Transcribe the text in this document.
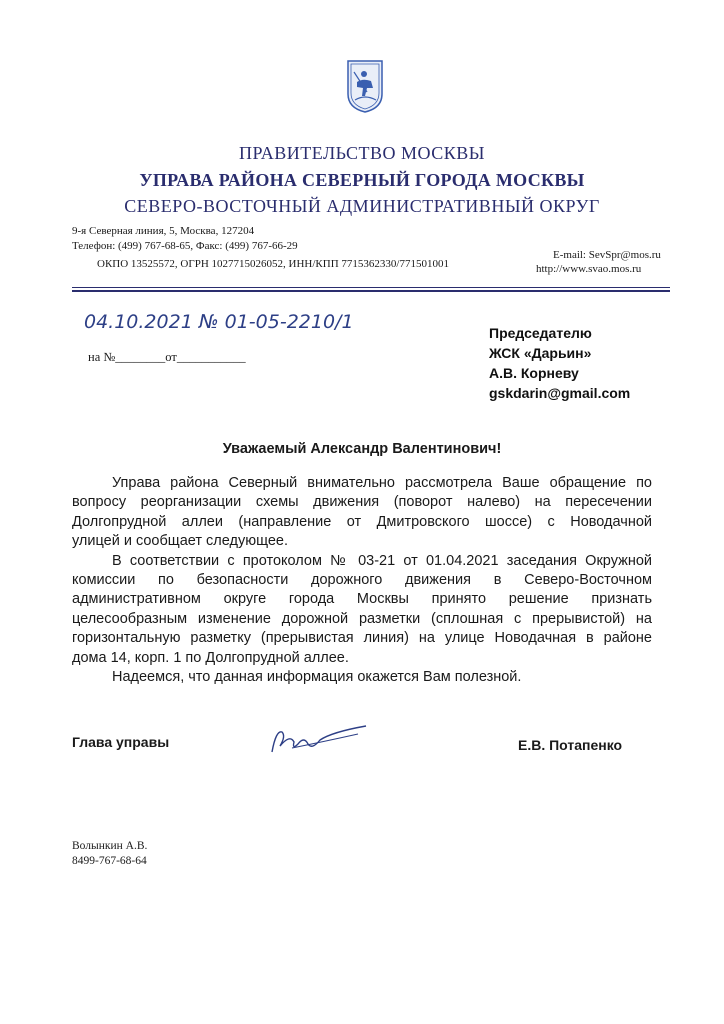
ПРАВИТЕЛЬСТВО МОСКВЫ
УПРАВА РАЙОНА СЕВЕРНЫЙ ГОРОДА МОСКВЫ
СЕВЕРО-ВОСТОЧНЫЙ АДМИНИСТРАТИВНЫЙ ОКРУГ
9-я Северная линия, 5, Москва, 127204
Телефон: (499) 767-68-65, Факс: (499) 767-66-29
ОКПО 13525572, ОГРН 1027715026052, ИНН/КПП 7715362330/771501001
E-mail: SevSpr@mos.ru
http://www.svao.mos.ru
04.10.2021 № 01-05-2210/1
на №________от___________
Председателю
ЖСК «Дарьин»
А.В. Корневу
gskdarin@gmail.com
Уважаемый Александр Валентинович!
Управа района Северный внимательно рассмотрела Ваше обращение по
вопросу реорганизации схемы движения (поворот налево) на пересечении
Долгопрудной аллеи (направление от Дмитровского шоссе) с Новодачной
улицей и сообщает следующее.
В соответствии с протоколом № 03-21 от 01.04.2021 заседания Окружной
комиссии по безопасности дорожного движения в Северо-Восточном
административном округе города Москвы принято решение признать
целесообразным изменение дорожной разметки (сплошная с прерывистой) на
горизонтальную разметку (прерывистая линия) на улице Новодачная в районе
дома 14, корп. 1 по Долгопрудной аллее.
Надеемся, что данная информация окажется Вам полезной.
Глава управы	Е.В. Потапенко
Волынкин А.В.
8499-767-68-64
